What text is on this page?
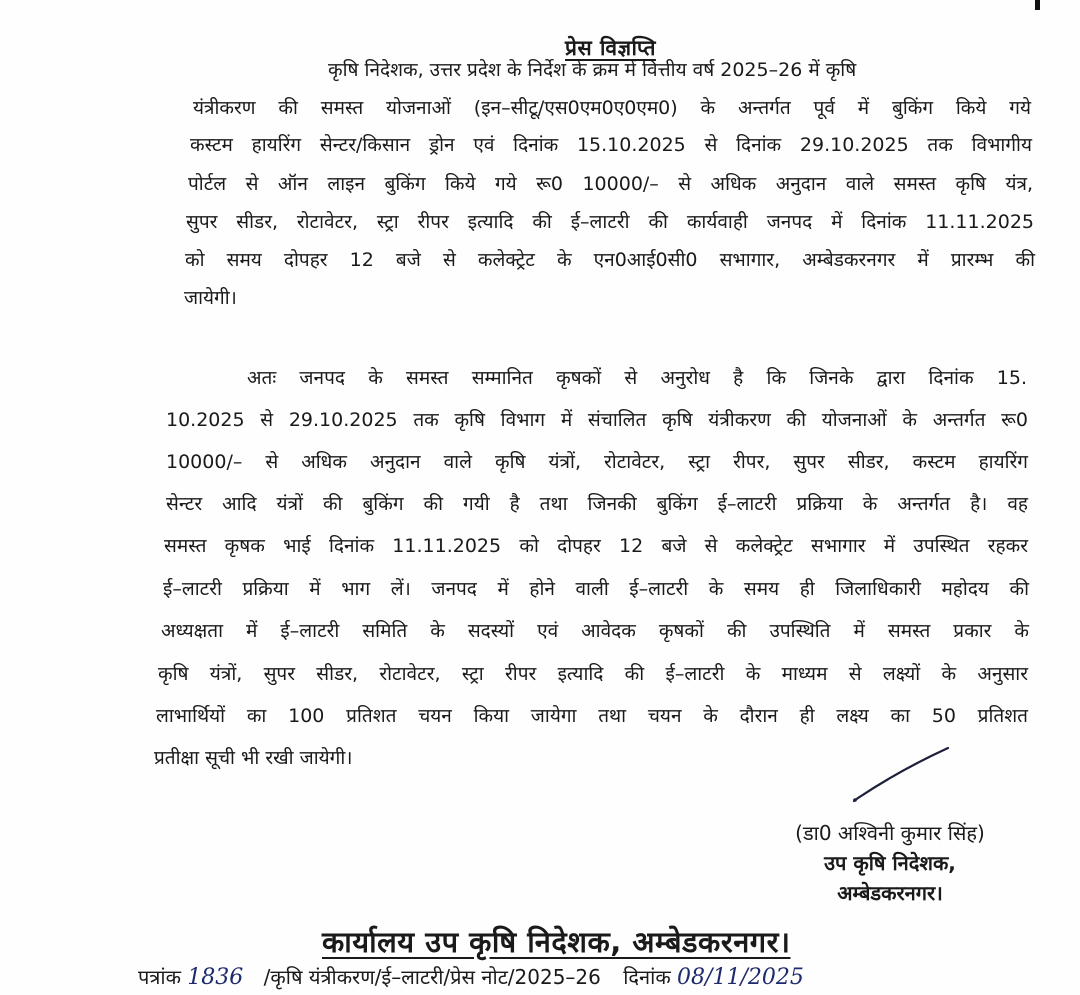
प्रेस विज्ञप्ति
कृषि निदेशक, उत्तर प्रदेश के निर्देश के क्रम में वित्तीय वर्ष 2025–26 में कृषि
यंत्रीकरण की समस्त योजनाओं (इन–सीटू/एस0एम0ए0एम0) के अन्तर्गत पूर्व में बुकिंग किये गये
कस्टम हायरिंग सेन्टर/किसान ड्रोन एवं दिनांक 15.10.2025 से दिनांक 29.10.2025 तक विभागीय
पोर्टल से ऑन लाइन बुकिंग किये गये रू0 10000/– से अधिक अनुदान वाले समस्त कृषि यंत्र,
सुपर सीडर, रोटावेटर, स्ट्रा रीपर इत्यादि की ई–लाटरी की कार्यवाही जनपद में दिनांक 11.11.2025
को समय दोपहर 12 बजे से कलेक्ट्रेट के एन0आई0सी0 सभागार, अम्बेडकरनगर में प्रारम्भ की
जायेगी।
अतः जनपद के समस्त सम्मानित कृषकों से अनुरोध है कि जिनके द्वारा दिनांक 15.
10.2025 से 29.10.2025 तक कृषि विभाग में संचालित कृषि यंत्रीकरण की योजनाओं के अन्तर्गत रू0
10000/– से अधिक अनुदान वाले कृषि यंत्रों, रोटावेटर, स्ट्रा रीपर, सुपर सीडर, कस्टम हायरिंग
सेन्टर आदि यंत्रों की बुकिंग की गयी है तथा जिनकी बुकिंग ई–लाटरी प्रक्रिया के अन्तर्गत है। वह
समस्त कृषक भाई दिनांक 11.11.2025 को दोपहर 12 बजे से कलेक्ट्रेट सभागार में उपस्थित रहकर
ई–लाटरी प्रक्रिया में भाग लें। जनपद में होने वाली ई–लाटरी के समय ही जिलाधिकारी महोदय की
अध्यक्षता में ई–लाटरी समिति के सदस्यों एवं आवेदक कृषकों की उपस्थिति में समस्त प्रकार के
कृषि यंत्रों, सुपर सीडर, रोटावेटर, स्ट्रा रीपर इत्यादि की ई–लाटरी के माध्यम से लक्ष्यों के अनुसार
लाभार्थियों का 100 प्रतिशत चयन किया जायेगा तथा चयन के दौरान ही लक्ष्य का 50 प्रतिशत
प्रतीक्षा सूची भी रखी जायेगी।
(डा0 अश्विनी कुमार सिंह)
उप कृषि निदेशक,
अम्बेडकरनगर।
कार्यालय उप कृषि निदेशक, अम्बेडकरनगर।
पत्रांक 1836 /कृषि यंत्रीकरण/ई–लाटरी/प्रेस नोट/2025–26 दिनांक 08/11/2025
